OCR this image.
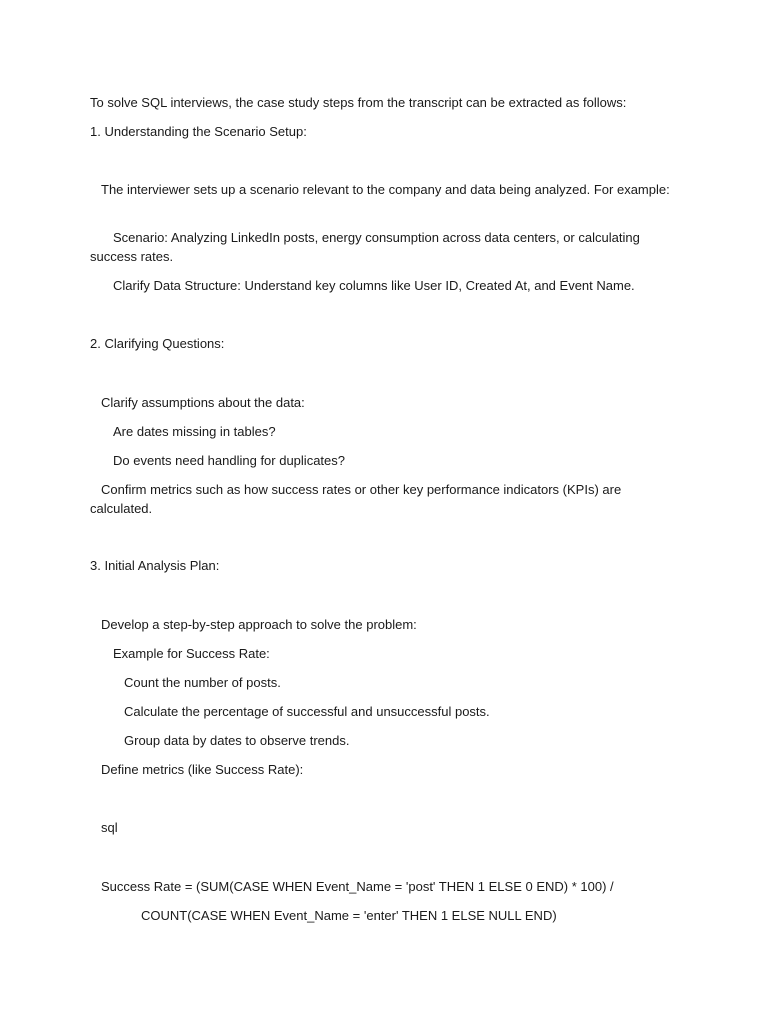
To solve SQL interviews, the case study steps from the transcript can be extracted as follows:

1. Understanding the Scenario Setup:

The interviewer sets up a scenario relevant to the company and data being analyzed. For example:

Scenario: Analyzing LinkedIn posts, energy consumption across data centers, or calculating success rates.

Clarify Data Structure: Understand key columns like User ID, Created At, and Event Name.

2. Clarifying Questions:

Clarify assumptions about the data:

Are dates missing in tables?

Do events need handling for duplicates?

Confirm metrics such as how success rates or other key performance indicators (KPIs) are calculated.

3. Initial Analysis Plan:

Develop a step-by-step approach to solve the problem:

Example for Success Rate:

Count the number of posts.

Calculate the percentage of successful and unsuccessful posts.

Group data by dates to observe trends.

Define metrics (like Success Rate):

sql

Success Rate = (SUM(CASE WHEN Event_Name = 'post' THEN 1 ELSE 0 END) * 100) /

COUNT(CASE WHEN Event_Name = 'enter' THEN 1 ELSE NULL END)
